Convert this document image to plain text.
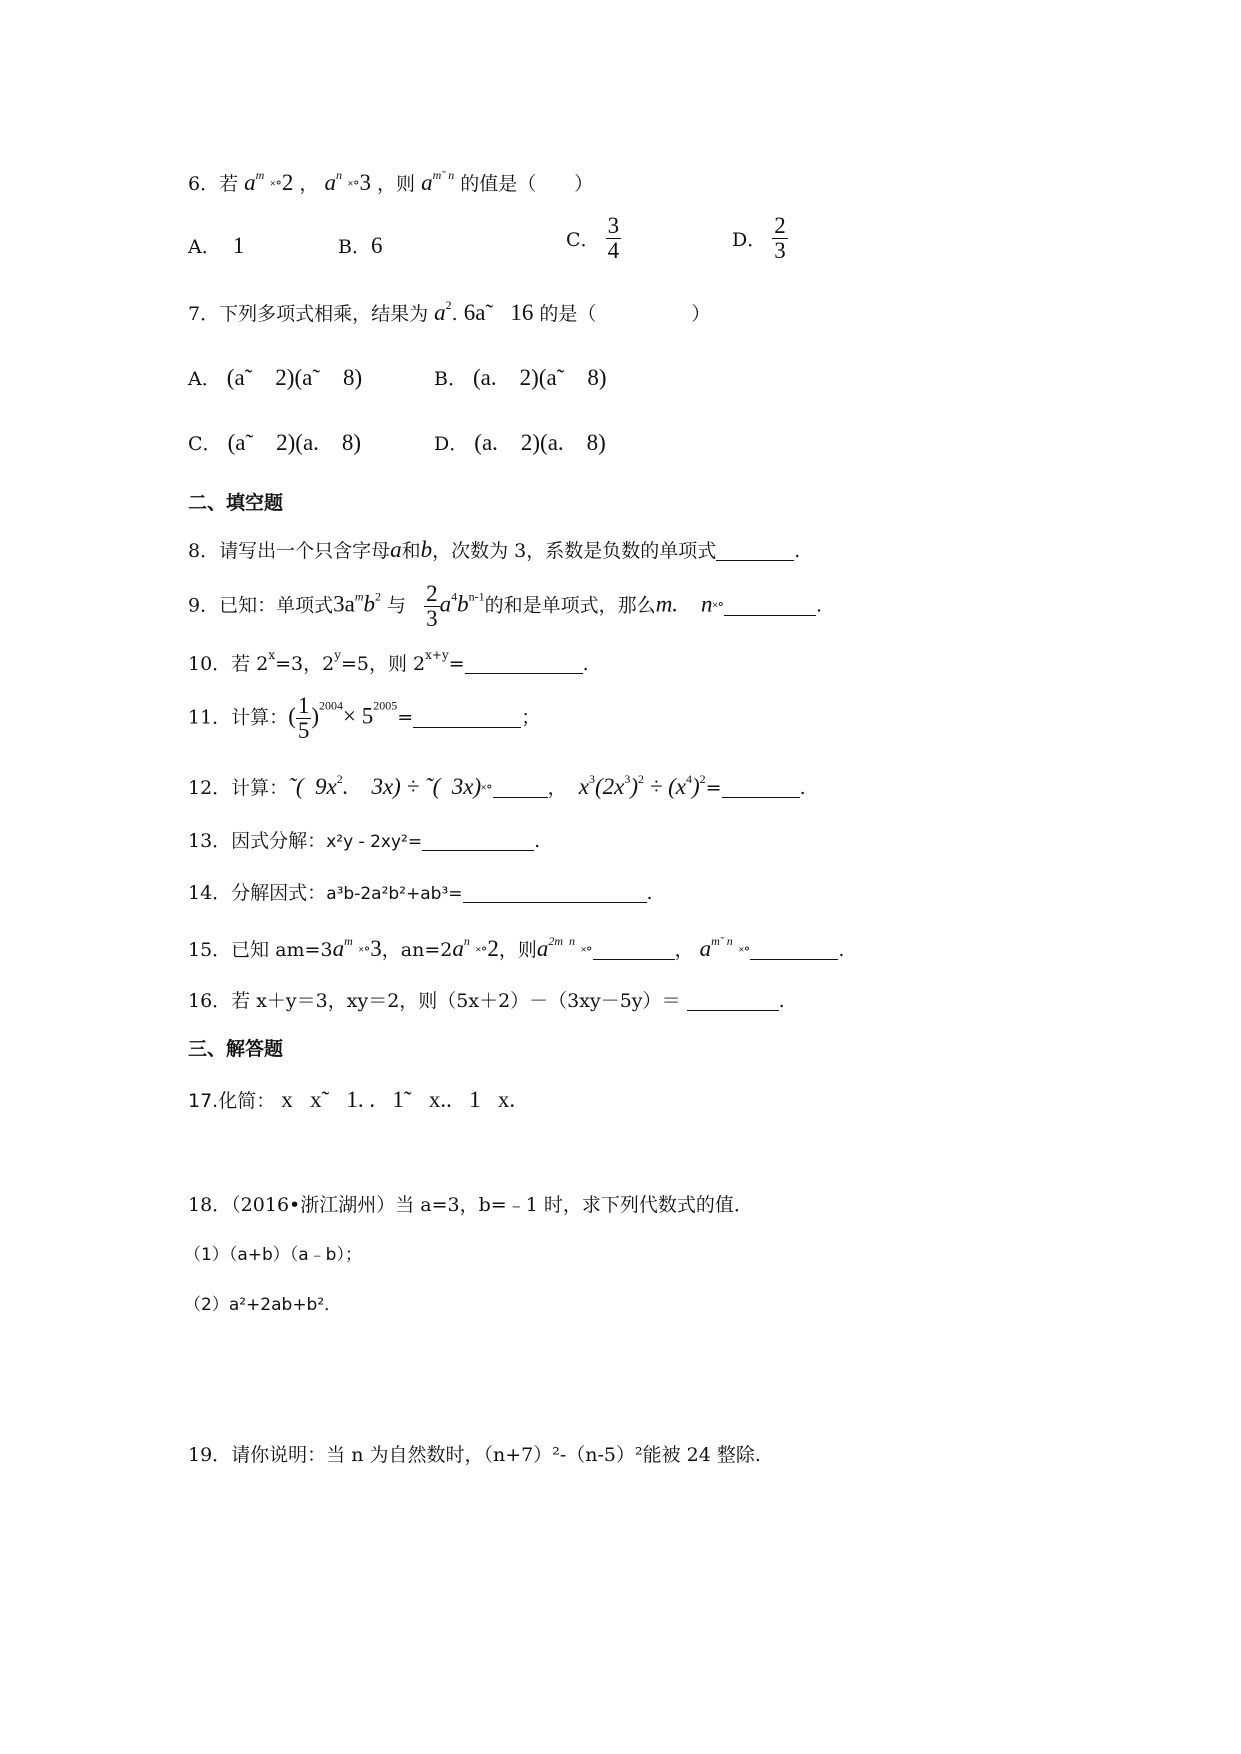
6．若 $a^m$ ˟°2 ， $a^n$ ˟°3 ，则 $a^{m˜ n}$ 的值是（　　）
A． 1	B．6	C． $\frac{3}{4}$	D． $\frac{2}{3}$
7．下列多项式相乘，结果为 $a^2$. 6a˜   16 的是（　　　　　）
A． (a˜    2)(a˜    8)	B． (a.    2)(a˜    8)
C． (a˜    2)(a.    8)	D． (a.    2)(a.    8)
二、填空题
8．请写出一个只含字母a和b，次数为 3，系数是负数的单项式	.
9．已知：单项式$3a^mb^2$ 与 $\frac{2}{3} a^4b^{n-1}$的和是单项式，那么m.    n˟°	.
10．若 $2^x=3$，$2^y=5$，则 $2^{x+y}=$	.
11．计算：( $\frac{1}{5} )^{2004}\times 5^{2005}=$	；
12．计算：˜(  $9x^2$.    3x) ÷ ˜(  3x)˟°	， $x^3(2x^3)^2 \div (x^4)^2=$	.
13．因式分解：x²y - 2xy²=	.
14．分解因式：a³b-2a²b²+ab³=	.
15．已知 $am=3a^m$ ˟°3，$an=2a^n$ ˟°2，则$a^{2m n}$ ˟°	， $a^{m˜ n}$ ˟°	.
16．若 x＋y＝3，xy＝2，则（5x＋2）－（3xy－5y）＝	.
三、解答题
17.化简： x   x˜   1. .   1˜   x..   1   x.
18．（2016•浙江湖州）当 a=3，b=﹣1 时，求下列代数式的值．
（1）（a+b）（a﹣b）；
（2）a²+2ab+b²．
19．请你说明：当 n 为自然数时，（n+7）²-（n-5）²能被 24 整除.
